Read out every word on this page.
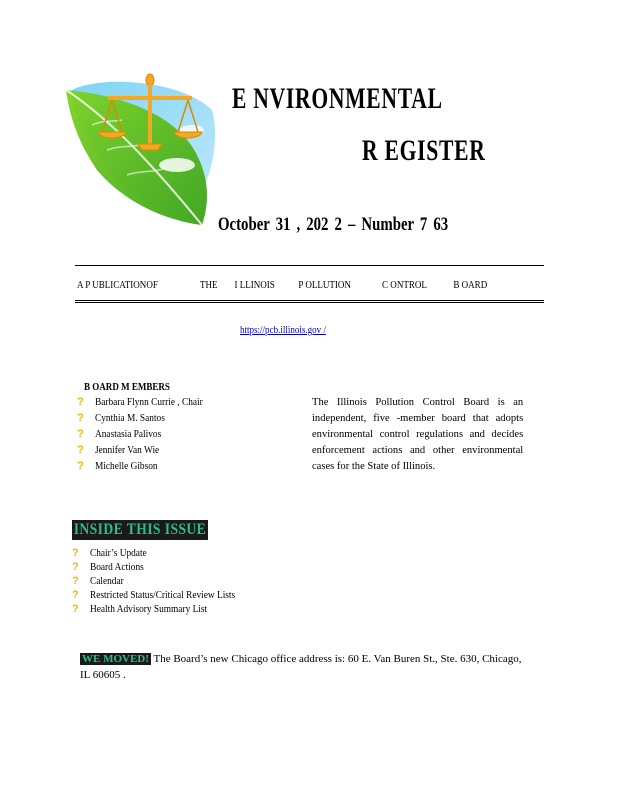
E NVIRONMENTAL
R EGISTER
October 31 , 202 2 – Number 7 63
A P UBLICATIONOF	THE I LLINOIS P OLLUTION	C ONTROL B OARD
https://pcb.illinois.gov /
B OARD M EMBERS
?	Barbara Flynn Currie , Chair
?	Cynthia M. Santos
?	Anastasia Palivos
?	Jennifer Van Wie
?	Michelle Gibson
The Illinois Pollution Control Board is an independent, five -member board that adopts environmental control regulations and decides enforcement actions and other environmental cases for the State of Illinois.
INSIDE THIS ISSUE
?	Chair’s Update
?	Board Actions
?	Calendar
?	Restricted Status/Critical Review Lists
?	Health Advisory Summary List
WE MOVED! The Board’s new Chicago office address is: 60 E. Van Buren St., Ste. 630, Chicago, IL 60605 .
